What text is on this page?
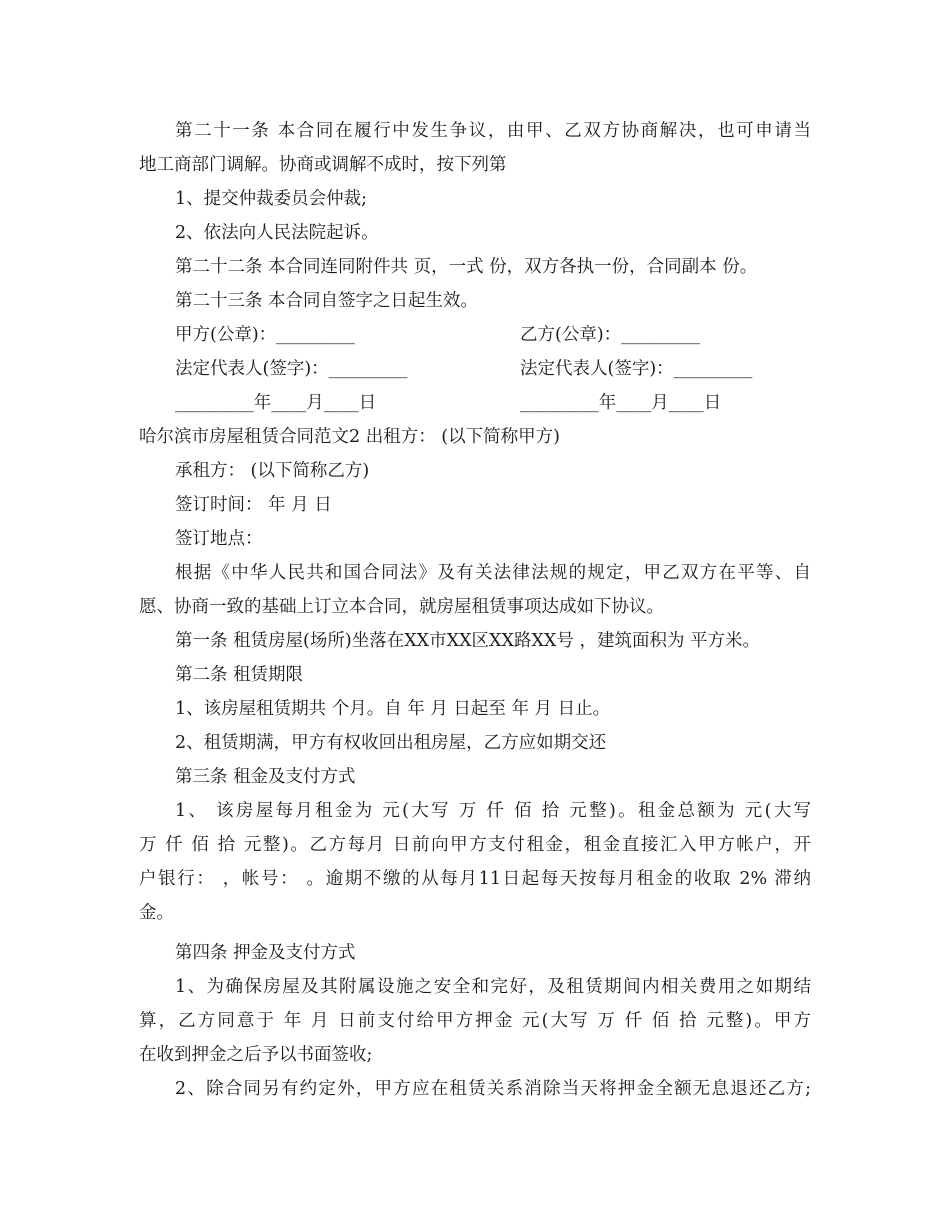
第二十一条 本合同在履行中发生争议，由甲、乙双方协商解决，也可申请当
地工商部门调解。协商或调解不成时，按下列第
1、提交仲裁委员会仲裁;
2、依法向人民法院起诉。
第二十二条 本合同连同附件共 页，一式 份，双方各执一份，合同副本 份。
第二十三条 本合同自签字之日起生效。
甲方(公章)：_________	乙方(公章)：_________
法定代表人(签字)：_________	法定代表人(签字)：_________
_________年____月____日	_________年____月____日
哈尔滨市房屋租赁合同范文2 出租方： (以下简称甲方)
承租方： (以下简称乙方)
签订时间： 年 月 日
签订地点：
根据《中华人民共和国合同法》及有关法律法规的规定，甲乙双方在平等、自
愿、协商一致的基础上订立本合同，就房屋租赁事项达成如下协议。
第一条 租赁房屋(场所)坐落在XX市XX区XX路XX号 ，建筑面积为 平方米。
第二条 租赁期限
1、该房屋租赁期共 个月。自 年 月 日起至 年 月 日止。
2、租赁期满，甲方有权收回出租房屋，乙方应如期交还
第三条 租金及支付方式
1、 该房屋每月租金为 元(大写 万 仟 佰 拾 元整)。租金总额为 元(大写
万 仟 佰 拾 元整)。乙方每月 日前向甲方支付租金，租金直接汇入甲方帐户，开
户银行： ，帐号： 。逾期不缴的从每月11日起每天按每月租金的收取 2% 滞纳
金。
第四条 押金及支付方式
1、为确保房屋及其附属设施之安全和完好，及租赁期间内相关费用之如期结
算，乙方同意于 年 月 日前支付给甲方押金 元(大写 万 仟 佰 拾 元整)。甲方
在收到押金之后予以书面签收;
2、除合同另有约定外，甲方应在租赁关系消除当天将押金全额无息退还乙方;
